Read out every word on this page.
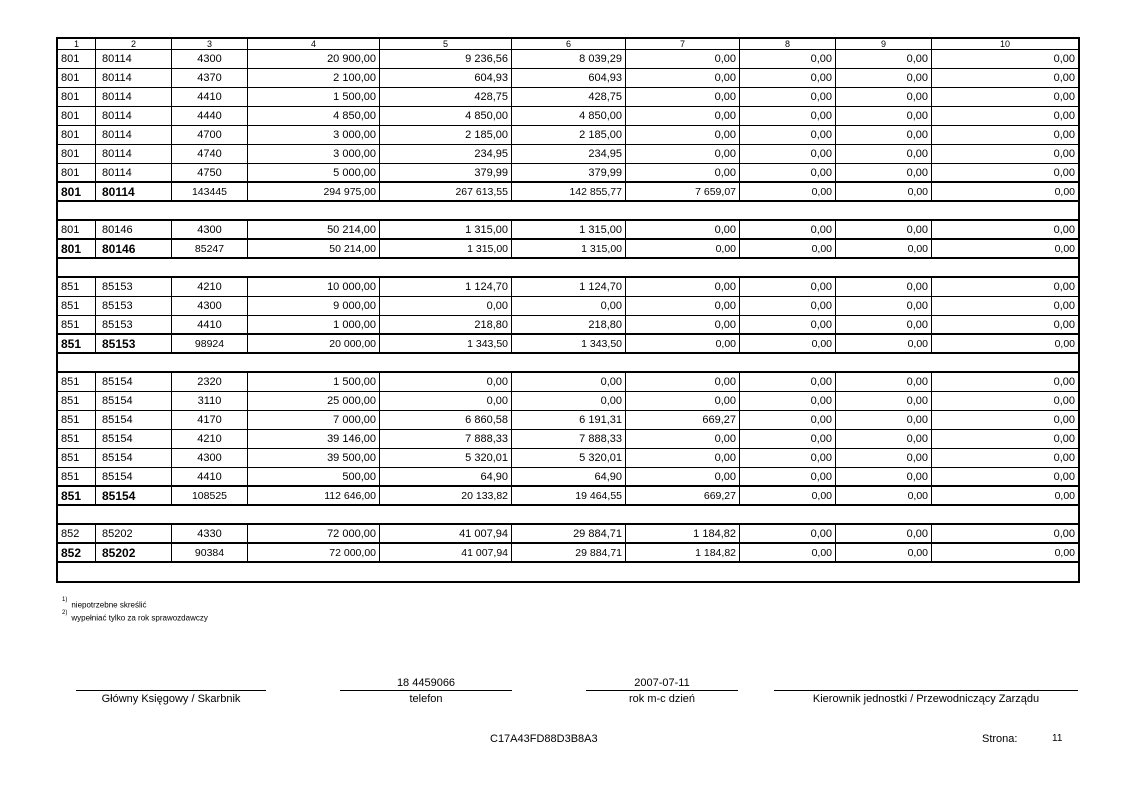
1	2	3	4	5	6	7	8	9	10
801	80114	4300	20 900,00	9 236,56	8 039,29	0,00	0,00	0,00	0,00
801	80114	4370	2 100,00	604,93	604,93	0,00	0,00	0,00	0,00
801	80114	4410	1 500,00	428,75	428,75	0,00	0,00	0,00	0,00
801	80114	4440	4 850,00	4 850,00	4 850,00	0,00	0,00	0,00	0,00
801	80114	4700	3 000,00	2 185,00	2 185,00	0,00	0,00	0,00	0,00
801	80114	4740	3 000,00	234,95	234,95	0,00	0,00	0,00	0,00
801	80114	4750	5 000,00	379,99	379,99	0,00	0,00	0,00	0,00
801	80114	143445	294 975,00	267 613,55	142 855,77	7 659,07	0,00	0,00	0,00
801	80146	4300	50 214,00	1 315,00	1 315,00	0,00	0,00	0,00	0,00
801	80146	85247	50 214,00	1 315,00	1 315,00	0,00	0,00	0,00	0,00
851	85153	4210	10 000,00	1 124,70	1 124,70	0,00	0,00	0,00	0,00
851	85153	4300	9 000,00	0,00	0,00	0,00	0,00	0,00	0,00
851	85153	4410	1 000,00	218,80	218,80	0,00	0,00	0,00	0,00
851	85153	98924	20 000,00	1 343,50	1 343,50	0,00	0,00	0,00	0,00
851	85154	2320	1 500,00	0,00	0,00	0,00	0,00	0,00	0,00
851	85154	3110	25 000,00	0,00	0,00	0,00	0,00	0,00	0,00
851	85154	4170	7 000,00	6 860,58	6 191,31	669,27	0,00	0,00	0,00
851	85154	4210	39 146,00	7 888,33	7 888,33	0,00	0,00	0,00	0,00
851	85154	4300	39 500,00	5 320,01	5 320,01	0,00	0,00	0,00	0,00
851	85154	4410	500,00	64,90	64,90	0,00	0,00	0,00	0,00
851	85154	108525	112 646,00	20 133,82	19 464,55	669,27	0,00	0,00	0,00
852	85202	4330	72 000,00	41 007,94	29 884,71	1 184,82	0,00	0,00	0,00
852	85202	90384	72 000,00	41 007,94	29 884,71	1 184,82	0,00	0,00	0,00
$^{1)}$niepotrzebne skreślić
$^{2)}$wypełniać tylko za rok sprawozdawczy
Główny Księgowy / Skarbnik
18 4459066
telefon
2007-07-11
rok m-c dzień	Kierownik jednostki / Przewodniczący Zarządu
C17A43FD88D3B8A3	Strona:	11
